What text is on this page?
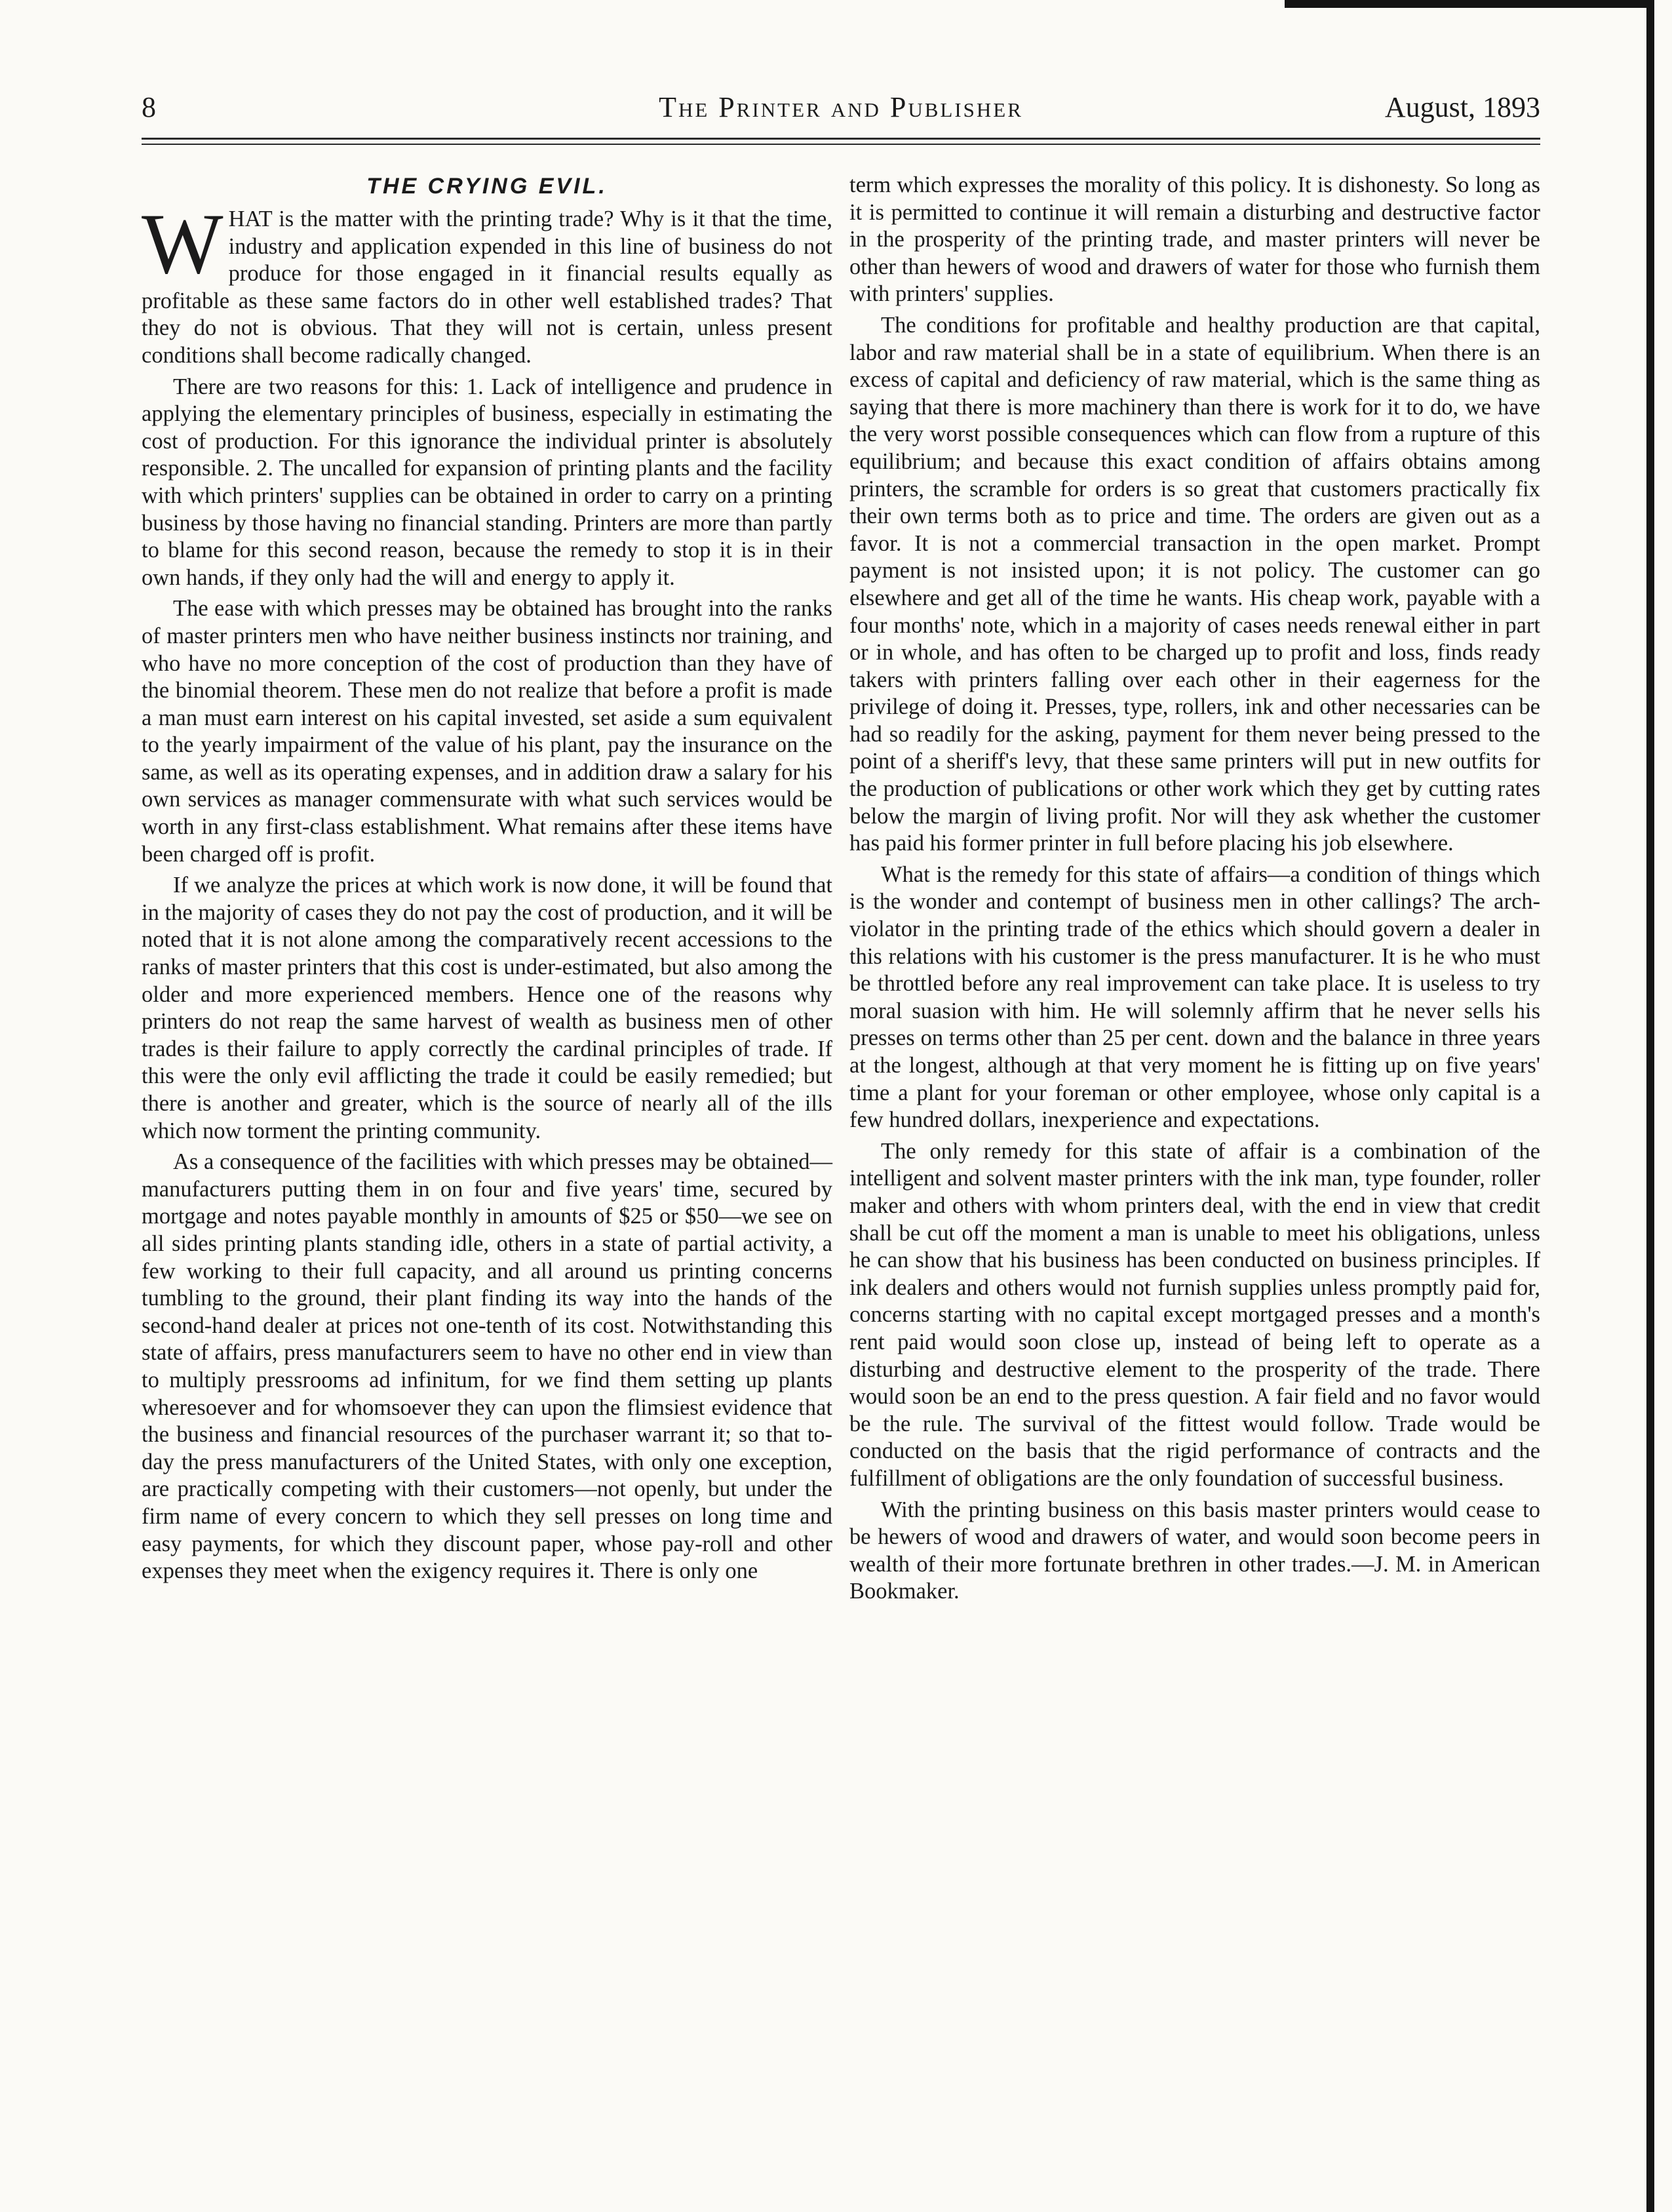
8	The Printer and Publisher	August, 1893
THE CRYING EVIL.

WHAT is the matter with the printing trade? Why is it that the time, industry and application expended in this line of business do not produce for those engaged in it financial results equally as profitable as these same factors do in other well established trades? That they do not is obvious. That they will not is certain, unless present conditions shall become radically changed.

There are two reasons for this: 1. Lack of intelligence and prudence in applying the elementary principles of business, especially in estimating the cost of production. For this ignorance the individual printer is absolutely responsible. 2. The uncalled for expansion of printing plants and the facility with which printers' supplies can be obtained in order to carry on a printing business by those having no financial standing. Printers are more than partly to blame for this second reason, because the remedy to stop it is in their own hands, if they only had the will and energy to apply it.

The ease with which presses may be obtained has brought into the ranks of master printers men who have neither business instincts nor training, and who have no more conception of the cost of production than they have of the binomial theorem. These men do not realize that before a profit is made a man must earn interest on his capital invested, set aside a sum equivalent to the yearly impairment of the value of his plant, pay the insurance on the same, as well as its operating expenses, and in addition draw a salary for his own services as manager commensurate with what such services would be worth in any first-class establishment. What remains after these items have been charged off is profit.

If we analyze the prices at which work is now done, it will be found that in the majority of cases they do not pay the cost of production, and it will be noted that it is not alone among the comparatively recent accessions to the ranks of master printers that this cost is under-estimated, but also among the older and more experienced members. Hence one of the reasons why printers do not reap the same harvest of wealth as business men of other trades is their failure to apply correctly the cardinal principles of trade. If this were the only evil afflicting the trade it could be easily remedied; but there is another and greater, which is the source of nearly all of the ills which now torment the printing community.

As a consequence of the facilities with which presses may be obtained—manufacturers putting them in on four and five years' time, secured by mortgage and notes payable monthly in amounts of $25 or $50—we see on all sides printing plants standing idle, others in a state of partial activity, a few working to their full capacity, and all around us printing concerns tumbling to the ground, their plant finding its way into the hands of the second-hand dealer at prices not one-tenth of its cost. Notwithstanding this state of affairs, press manufacturers seem to have no other end in view than to multiply pressrooms ad infinitum, for we find them setting up plants wheresoever and for whomsoever they can upon the flimsiest evidence that the business and financial resources of the purchaser warrant it; so that to-day the press manufacturers of the United States, with only one exception, are practically competing with their customers—not openly, but under the firm name of every concern to which they sell presses on long time and easy payments, for which they discount paper, whose pay-roll and other expenses they meet when the exigency requires it. There is only one

term which expresses the morality of this policy. It is dishonesty. So long as it is permitted to continue it will remain a disturbing and destructive factor in the prosperity of the printing trade, and master printers will never be other than hewers of wood and drawers of water for those who furnish them with printers' supplies.

The conditions for profitable and healthy production are that capital, labor and raw material shall be in a state of equilibrium. When there is an excess of capital and deficiency of raw material, which is the same thing as saying that there is more machinery than there is work for it to do, we have the very worst possible consequences which can flow from a rupture of this equilibrium; and because this exact condition of affairs obtains among printers, the scramble for orders is so great that customers practically fix their own terms both as to price and time. The orders are given out as a favor. It is not a commercial transaction in the open market. Prompt payment is not insisted upon; it is not policy. The customer can go elsewhere and get all of the time he wants. His cheap work, payable with a four months' note, which in a majority of cases needs renewal either in part or in whole, and has often to be charged up to profit and loss, finds ready takers with printers falling over each other in their eagerness for the privilege of doing it. Presses, type, rollers, ink and other necessaries can be had so readily for the asking, payment for them never being pressed to the point of a sheriff's levy, that these same printers will put in new outfits for the production of publications or other work which they get by cutting rates below the margin of living profit. Nor will they ask whether the customer has paid his former printer in full before placing his job elsewhere.

What is the remedy for this state of affairs—a condition of things which is the wonder and contempt of business men in other callings? The arch-violator in the printing trade of the ethics which should govern a dealer in this relations with his customer is the press manufacturer. It is he who must be throttled before any real improvement can take place. It is useless to try moral suasion with him. He will solemnly affirm that he never sells his presses on terms other than 25 per cent. down and the balance in three years at the longest, although at that very moment he is fitting up on five years' time a plant for your foreman or other employee, whose only capital is a few hundred dollars, inexperience and expectations.

The only remedy for this state of affair is a combination of the intelligent and solvent master printers with the ink man, type founder, roller maker and others with whom printers deal, with the end in view that credit shall be cut off the moment a man is unable to meet his obligations, unless he can show that his business has been conducted on business principles. If ink dealers and others would not furnish supplies unless promptly paid for, concerns starting with no capital except mortgaged presses and a month's rent paid would soon close up, instead of being left to operate as a disturbing and destructive element to the prosperity of the trade. There would soon be an end to the press question. A fair field and no favor would be the rule. The survival of the fittest would follow. Trade would be conducted on the basis that the rigid performance of contracts and the fulfillment of obligations are the only foundation of successful business.

With the printing business on this basis master printers would cease to be hewers of wood and drawers of water, and would soon become peers in wealth of their more fortunate brethren in other trades.—J. M. in American Bookmaker.
